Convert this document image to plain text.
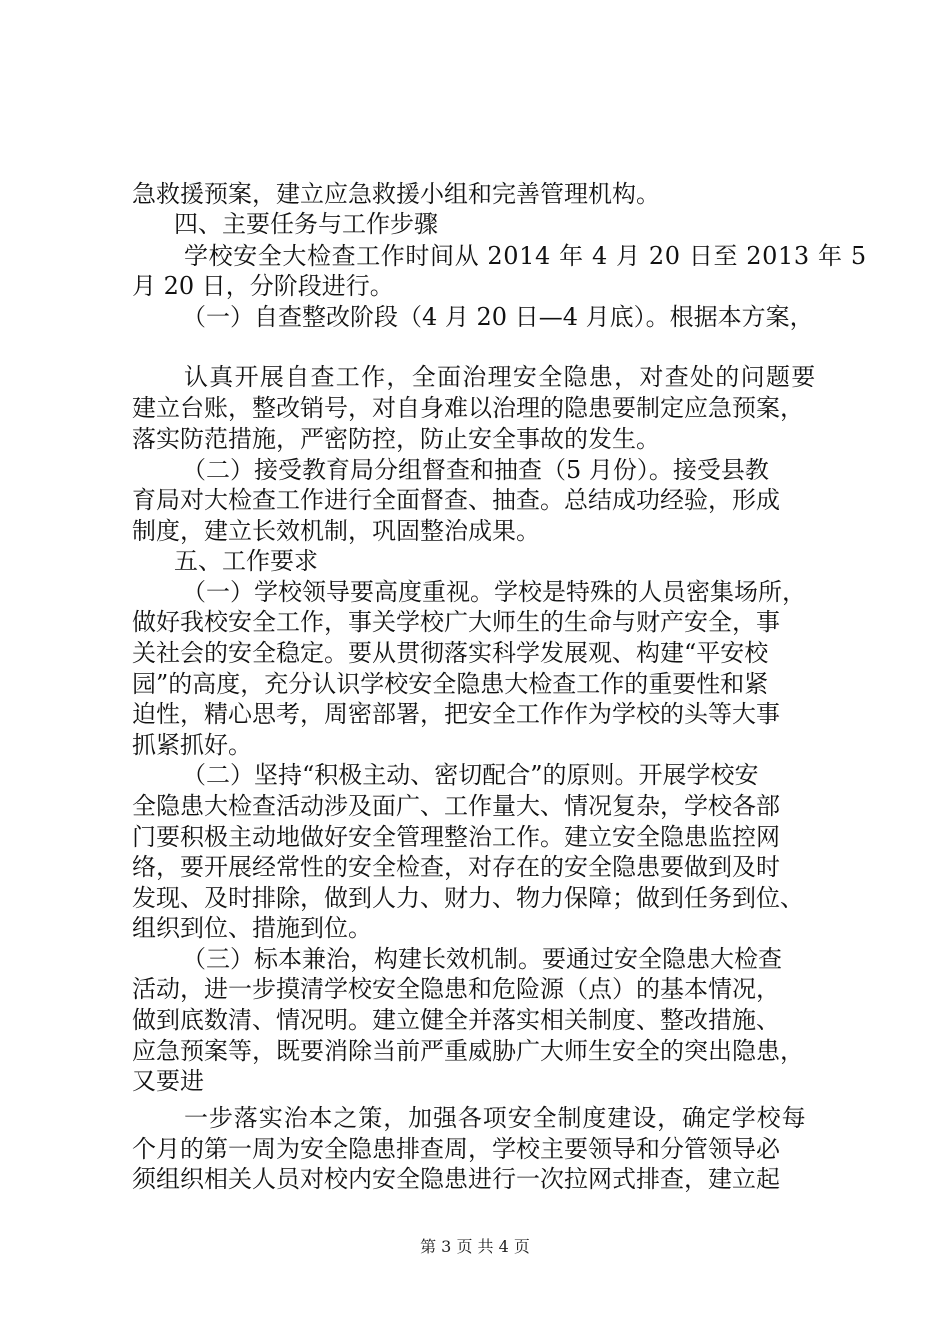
急救援预案，建立应急救援小组和完善管理机构。

四、主要任务与工作步骤

学校安全大检查工作时间从 2014 年 4 月 20 日至 2013 年 5

月 20 日，分阶段进行。

（一）自查整改阶段（4 月 20 日—4 月底）。根据本方案，

认真开展自查工作，全面治理安全隐患，对查处的问题要

建立台账，整改销号，对自身难以治理的隐患要制定应急预案，

落实防范措施，严密防控，防止安全事故的发生。

（二）接受教育局分组督查和抽查（5 月份）。接受县教

育局对大检查工作进行全面督查、抽查。总结成功经验，形成

制度，建立长效机制，巩固整治成果。

五、工作要求

（一）学校领导要高度重视。学校是特殊的人员密集场所，

做好我校安全工作，事关学校广大师生的生命与财产安全，事

关社会的安全稳定。要从贯彻落实科学发展观、构建“平安校

园”的高度，充分认识学校安全隐患大检查工作的重要性和紧

迫性，精心思考，周密部署，把安全工作作为学校的头等大事

抓紧抓好。

（二）坚持“积极主动、密切配合”的原则。开展学校安

全隐患大检查活动涉及面广、工作量大、情况复杂，学校各部

门要积极主动地做好安全管理整治工作。建立安全隐患监控网

络，要开展经常性的安全检查，对存在的安全隐患要做到及时

发现、及时排除，做到人力、财力、物力保障；做到任务到位、

组织到位、措施到位。

（三）标本兼治，构建长效机制。要通过安全隐患大检查

活动，进一步摸清学校安全隐患和危险源（点）的基本情况，

做到底数清、情况明。建立健全并落实相关制度、整改措施、

应急预案等，既要消除当前严重威胁广大师生安全的突出隐患，

又要进

一步落实治本之策，加强各项安全制度建设，确定学校每

个月的第一周为安全隐患排查周，学校主要领导和分管领导必

须组织相关人员对校内安全隐患进行一次拉网式排查，建立起

第 3 页 共 4 页
